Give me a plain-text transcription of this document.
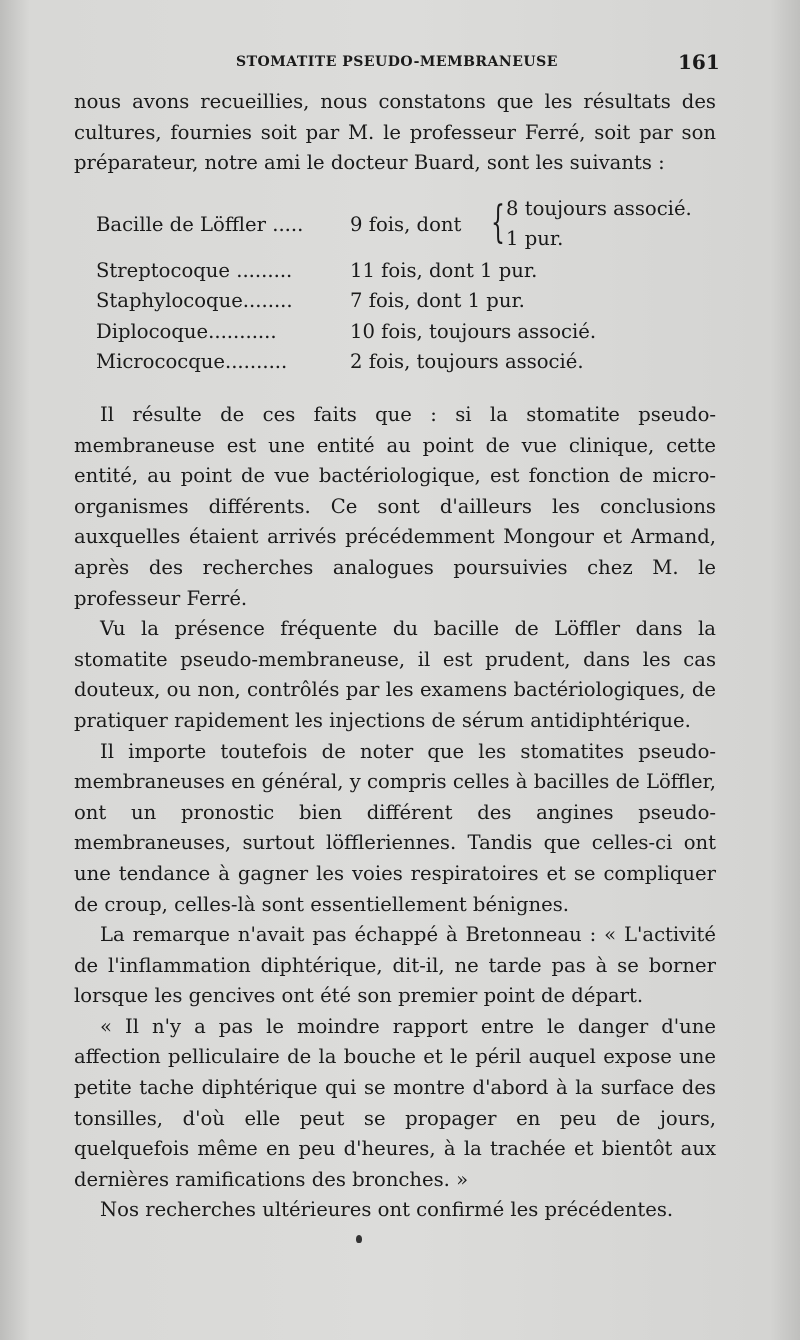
STOMATITE PSEUDO-MEMBRANEUSE	161

nous avons recueillies, nous constatons que les résultats des cultures, fournies soit par M. le professeur Ferré, soit par son préparateur, notre ami le docteur Buard, sont les suivants :

Bacille de Löffler ..... 9 fois, dont { 8 toujours associé.
1 pur.
Streptocoque .........	11 fois, dont 1 pur.
Staphylocoque........	7 fois, dont 1 pur.
Diplocoque...........	10 fois, toujours associé.
Micrococque..........	2 fois, toujours associé.

Il résulte de ces faits que : si la stomatite pseudo-membraneuse est une entité au point de vue clinique, cette entité, au point de vue bactériologique, est fonction de micro-organismes différents. Ce sont d'ailleurs les conclusions auxquelles étaient arrivés précédemment Mongour et Armand, après des recherches analogues poursuivies chez M. le professeur Ferré.

Vu la présence fréquente du bacille de Löffler dans la stomatite pseudo-membraneuse, il est prudent, dans les cas douteux, ou non, contrôlés par les examens bactériologiques, de pratiquer rapidement les injections de sérum antidiphtérique.

Il importe toutefois de noter que les stomatites pseudo-membraneuses en général, y compris celles à bacilles de Löffler, ont un pronostic bien différent des angines pseudo-membraneuses, surtout löffleriennes. Tandis que celles-ci ont une tendance à gagner les voies respiratoires et se compliquer de croup, celles-là sont essentiellement bénignes.

La remarque n'avait pas échappé à Bretonneau : « L'activité de l'inflammation diphtérique, dit-il, ne tarde pas à se borner lorsque les gencives ont été son premier point de départ.

« Il n'y a pas le moindre rapport entre le danger d'une affection pelliculaire de la bouche et le péril auquel expose une petite tache diphtérique qui se montre d'abord à la surface des tonsilles, d'où elle peut se propager en peu de jours, quelquefois même en peu d'heures, à la trachée et bientôt aux dernières ramifications des bronches. »

Nos recherches ultérieures ont confirmé les précédentes.
